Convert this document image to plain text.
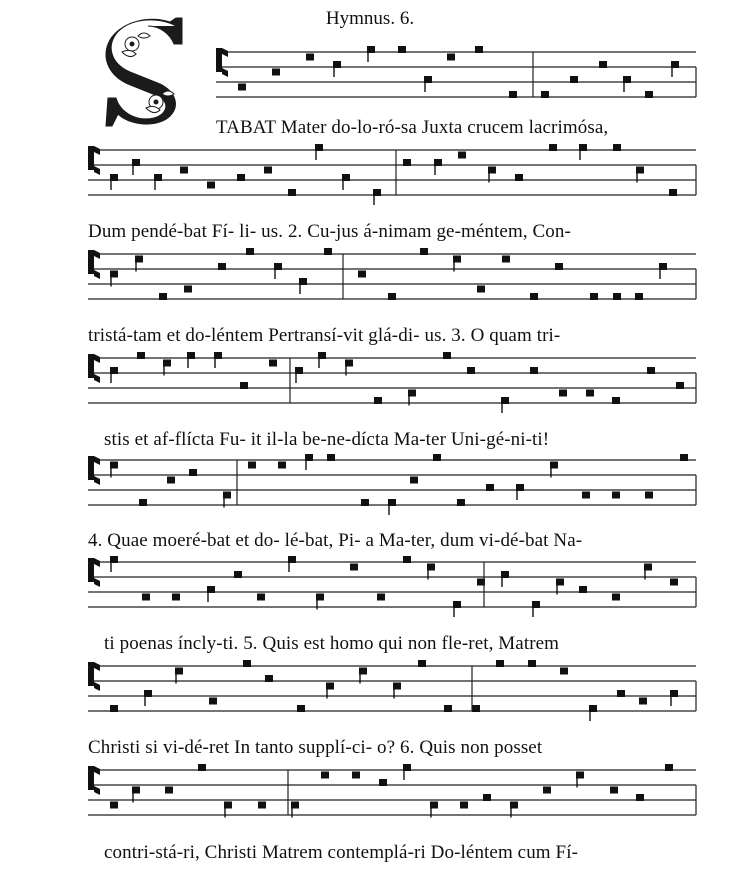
Hymnus. 6.
TABAT Mater do-lo-ró-sa Juxta crucem lacrimósa,
Dum pendé-bat Fí- li- us. 2. Cu-jus á-nimam ge-méntem, Con-
tristá-tam et do-léntem Pertransí-vit glá-di- us. 3. O quam tri-
stis et af-flícta Fu- it il-la be-ne-dícta Ma-ter Uni-gé-ni-ti!
4. Quae moeré-bat et do- lé-bat, Pi- a Ma-ter, dum vi-dé-bat Na-
ti poenas íncly-ti. 5. Quis est homo qui non fle-ret, Matrem
Christi si vi-dé-ret In tanto supplí-ci- o? 6. Quis non posset
contri-stá-ri, Christi Matrem contemplá-ri Do-léntem cum Fí-
